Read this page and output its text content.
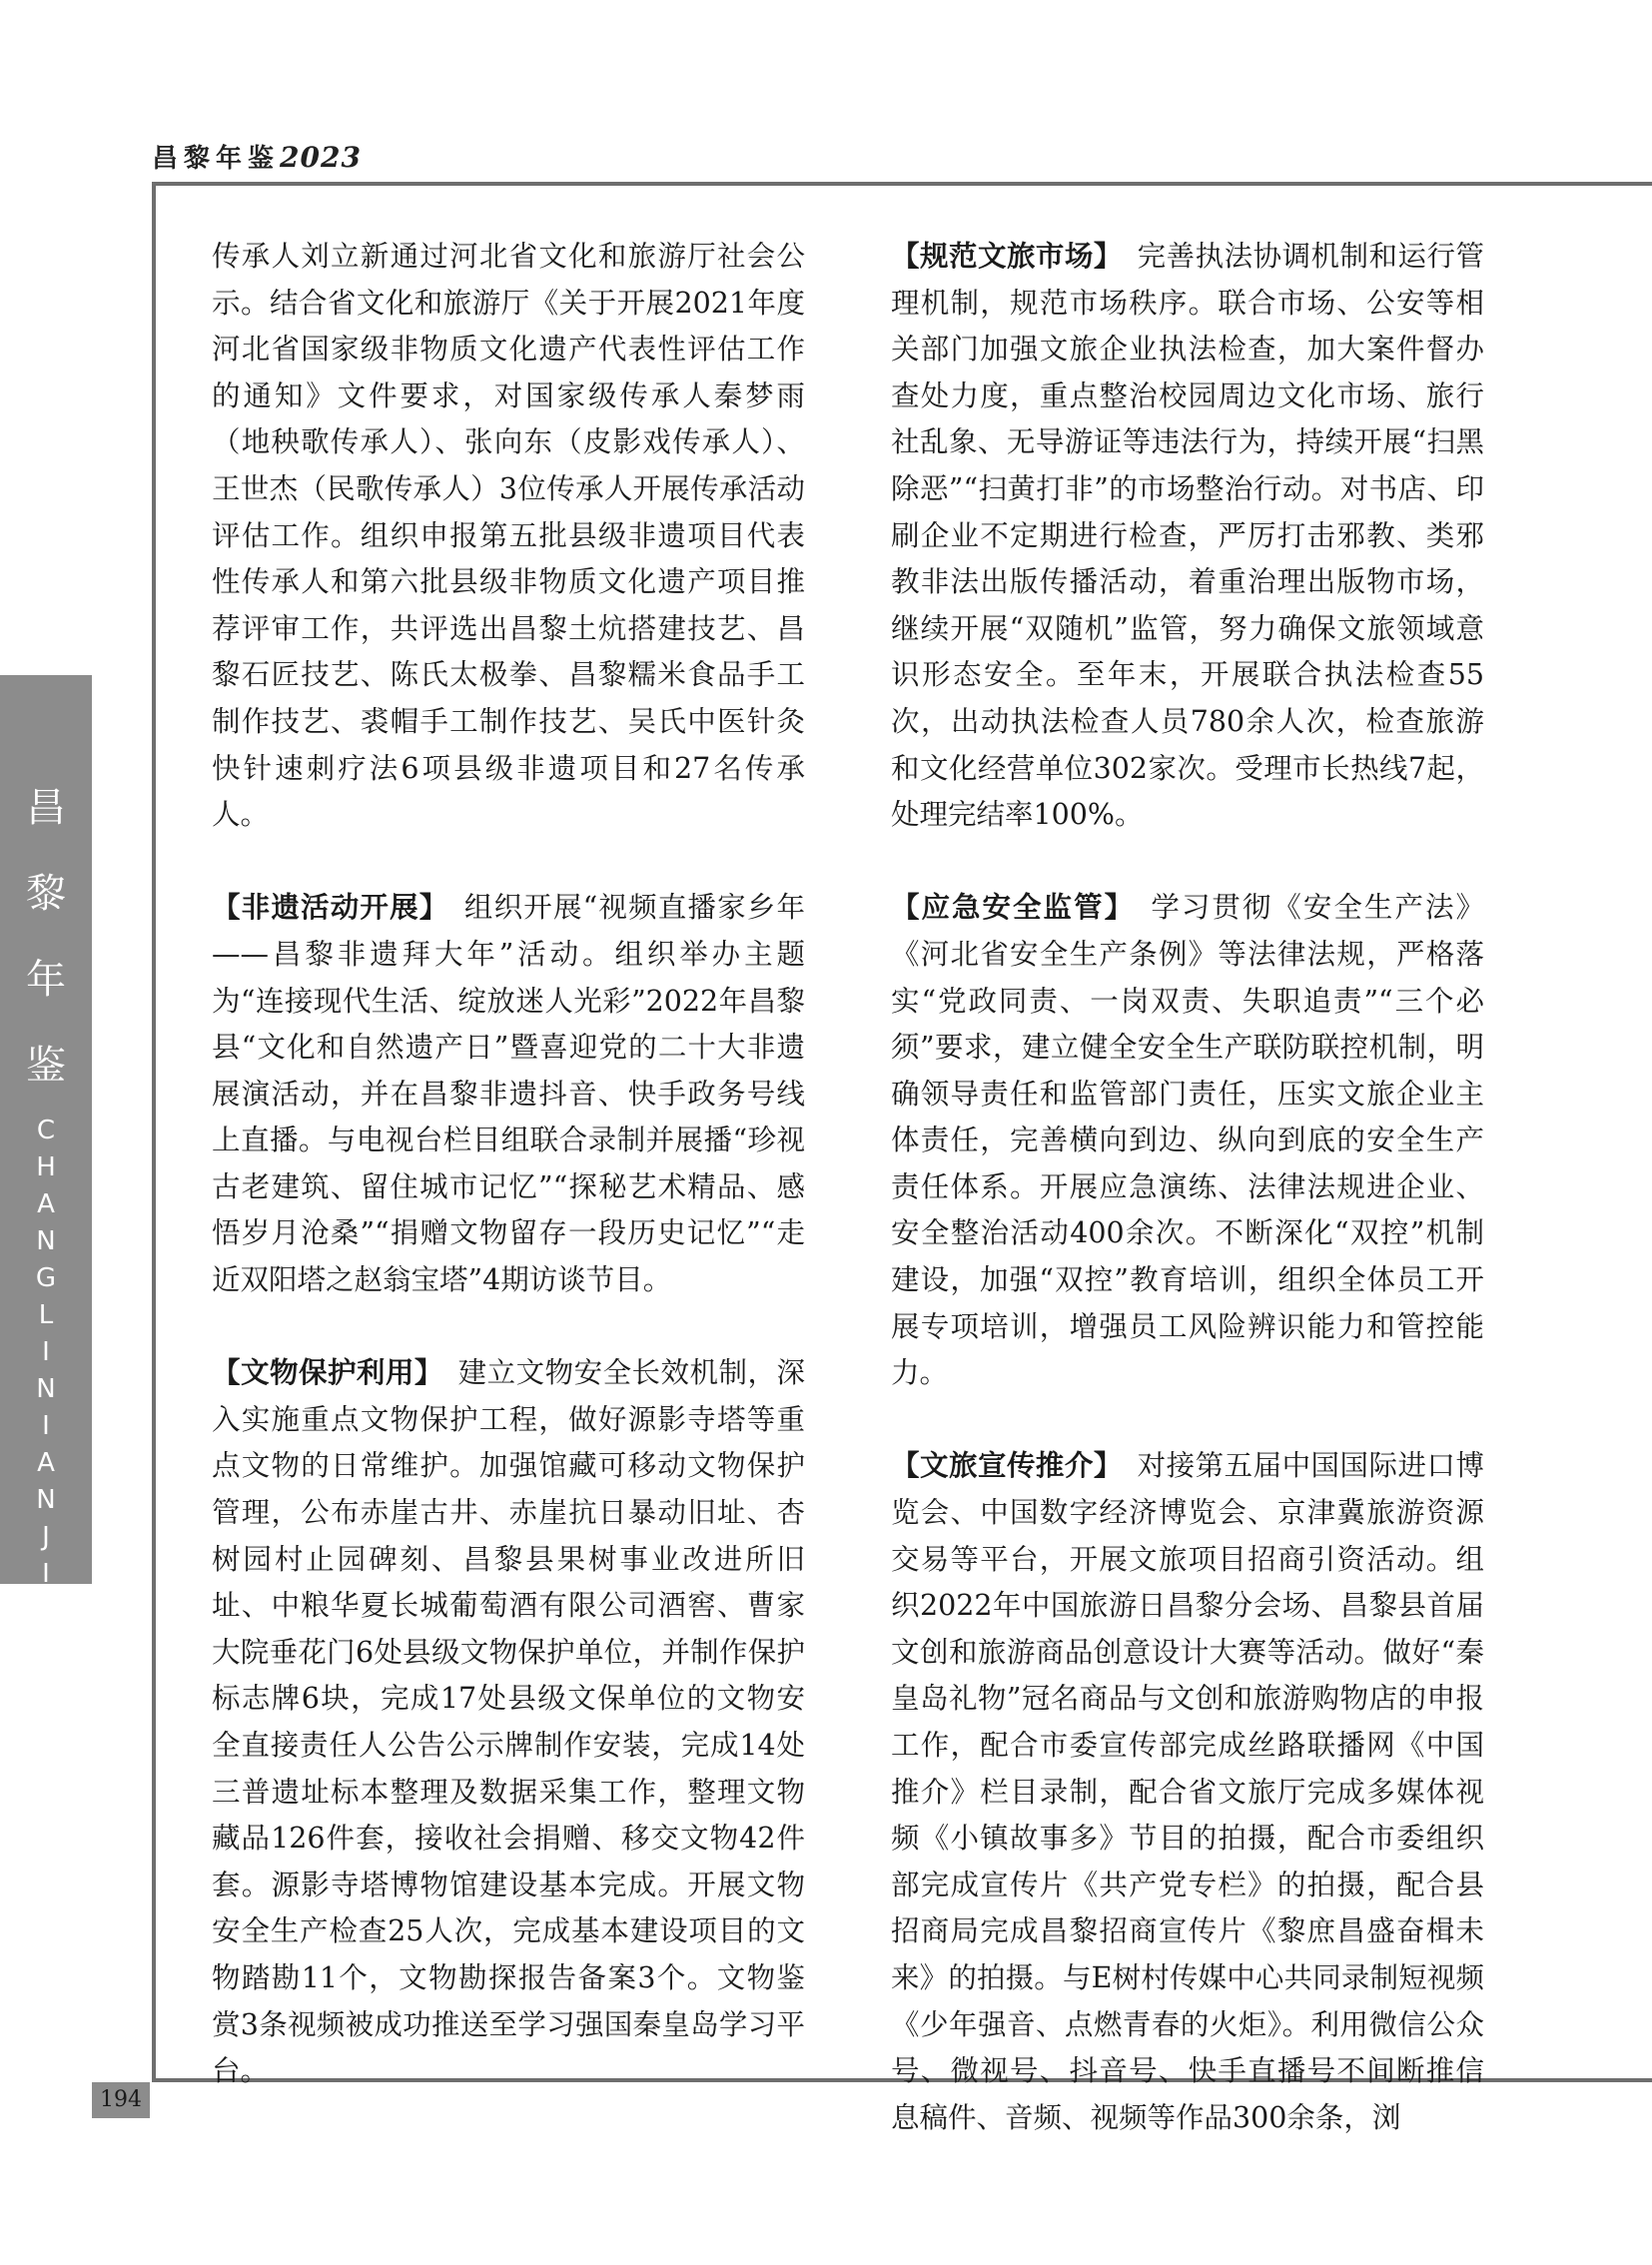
昌黎年鉴2023
昌
黎
年
鉴
C
H
A
N
G
L
I
N
I
A
N
J
I
A
N
194

传承人刘立新通过河北省文化和旅游厅社会公示。结合省文化和旅游厅《关于开展2021年度河北省国家级非物质文化遗产代表性评估工作的通知》文件要求，对国家级传承人秦梦雨（地秧歌传承人）、张向东（皮影戏传承人）、王世杰（民歌传承人）3位传承人开展传承活动评估工作。组织申报第五批县级非遗项目代表性传承人和第六批县级非物质文化遗产项目推荐评审工作，共评选出昌黎土炕搭建技艺、昌黎石匠技艺、陈氏太极拳、昌黎糯米食品手工制作技艺、裘帽手工制作技艺、吴氏中医针灸快针速刺疗法6项县级非遗项目和27名传承人。

【非遗活动开展】　 组织开展“视频直播家乡年——昌黎非遗拜大年”活动。组织举办主题为“连接现代生活、绽放迷人光彩”2022年昌黎县“文化和自然遗产日”暨喜迎党的二十大非遗展演活动，并在昌黎非遗抖音、快手政务号线上直播。与电视台栏目组联合录制并展播“珍视古老建筑、留住城市记忆”“探秘艺术精品、感悟岁月沧桑”“捐赠文物留存一段历史记忆”“走近双阳塔之赵翁宝塔”4期访谈节目。

【文物保护利用】　 建立文物安全长效机制，深入实施重点文物保护工程，做好源影寺塔等重点文物的日常维护。加强馆藏可移动文物保护管理，公布赤崖古井、赤崖抗日暴动旧址、杏树园村止园碑刻、昌黎县果树事业改进所旧址、中粮华夏长城葡萄酒有限公司酒窖、曹家大院垂花门6处县级文物保护单位，并制作保护标志牌6块，完成17处县级文保单位的文物安全直接责任人公告公示牌制作安装，完成14处三普遗址标本整理及数据采集工作，整理文物藏品126件套，接收社会捐赠、移交文物42件套。源影寺塔博物馆建设基本完成。开展文物安全生产检查25人次，完成基本建设项目的文物踏勘11个，文物勘探报告备案3个。文物鉴赏3条视频被成功推送至学习强国秦皇岛学习平台。

【规范文旅市场】　 完善执法协调机制和运行管理机制，规范市场秩序。联合市场、公安等相关部门加强文旅企业执法检查，加大案件督办查处力度，重点整治校园周边文化市场、旅行社乱象、无导游证等违法行为，持续开展“扫黑除恶”“扫黄打非”的市场整治行动。对书店、印刷企业不定期进行检查，严厉打击邪教、类邪教非法出版传播活动，着重治理出版物市场，继续开展“双随机”监管，努力确保文旅领域意识形态安全。至年末，开展联合执法检查55次，出动执法检查人员780余人次，检查旅游和文化经营单位302家次。受理市长热线7起，处理完结率100%。

【应急安全监管】　 学习贯彻《安全生产法》《河北省安全生产条例》等法律法规，严格落实“党政同责、一岗双责、失职追责”“三个必须”要求，建立健全安全生产联防联控机制，明确领导责任和监管部门责任，压实文旅企业主体责任，完善横向到边、纵向到底的安全生产责任体系。开展应急演练、法律法规进企业、安全整治活动400余次。不断深化“双控”机制建设，加强“双控”教育培训，组织全体员工开展专项培训，增强员工风险辨识能力和管控能力。

【文旅宣传推介】　 对接第五届中国国际进口博览会、中国数字经济博览会、京津冀旅游资源交易等平台，开展文旅项目招商引资活动。组织2022年中国旅游日昌黎分会场、昌黎县首届文创和旅游商品创意设计大赛等活动。做好“秦皇岛礼物”冠名商品与文创和旅游购物店的申报工作，配合市委宣传部完成丝路联播网《中国推介》栏目录制，配合省文旅厅完成多媒体视频《小镇故事多》节目的拍摄，配合市委组织部完成宣传片《共产党专栏》的拍摄，配合县招商局完成昌黎招商宣传片《黎庶昌盛奋楫未来》的拍摄。与E树村传媒中心共同录制短视频《少年强音、点燃青春的火炬》。利用微信公众号、微视号、抖音号、快手直播号不间断推信息稿件、音频、视频等作品300余条，浏
